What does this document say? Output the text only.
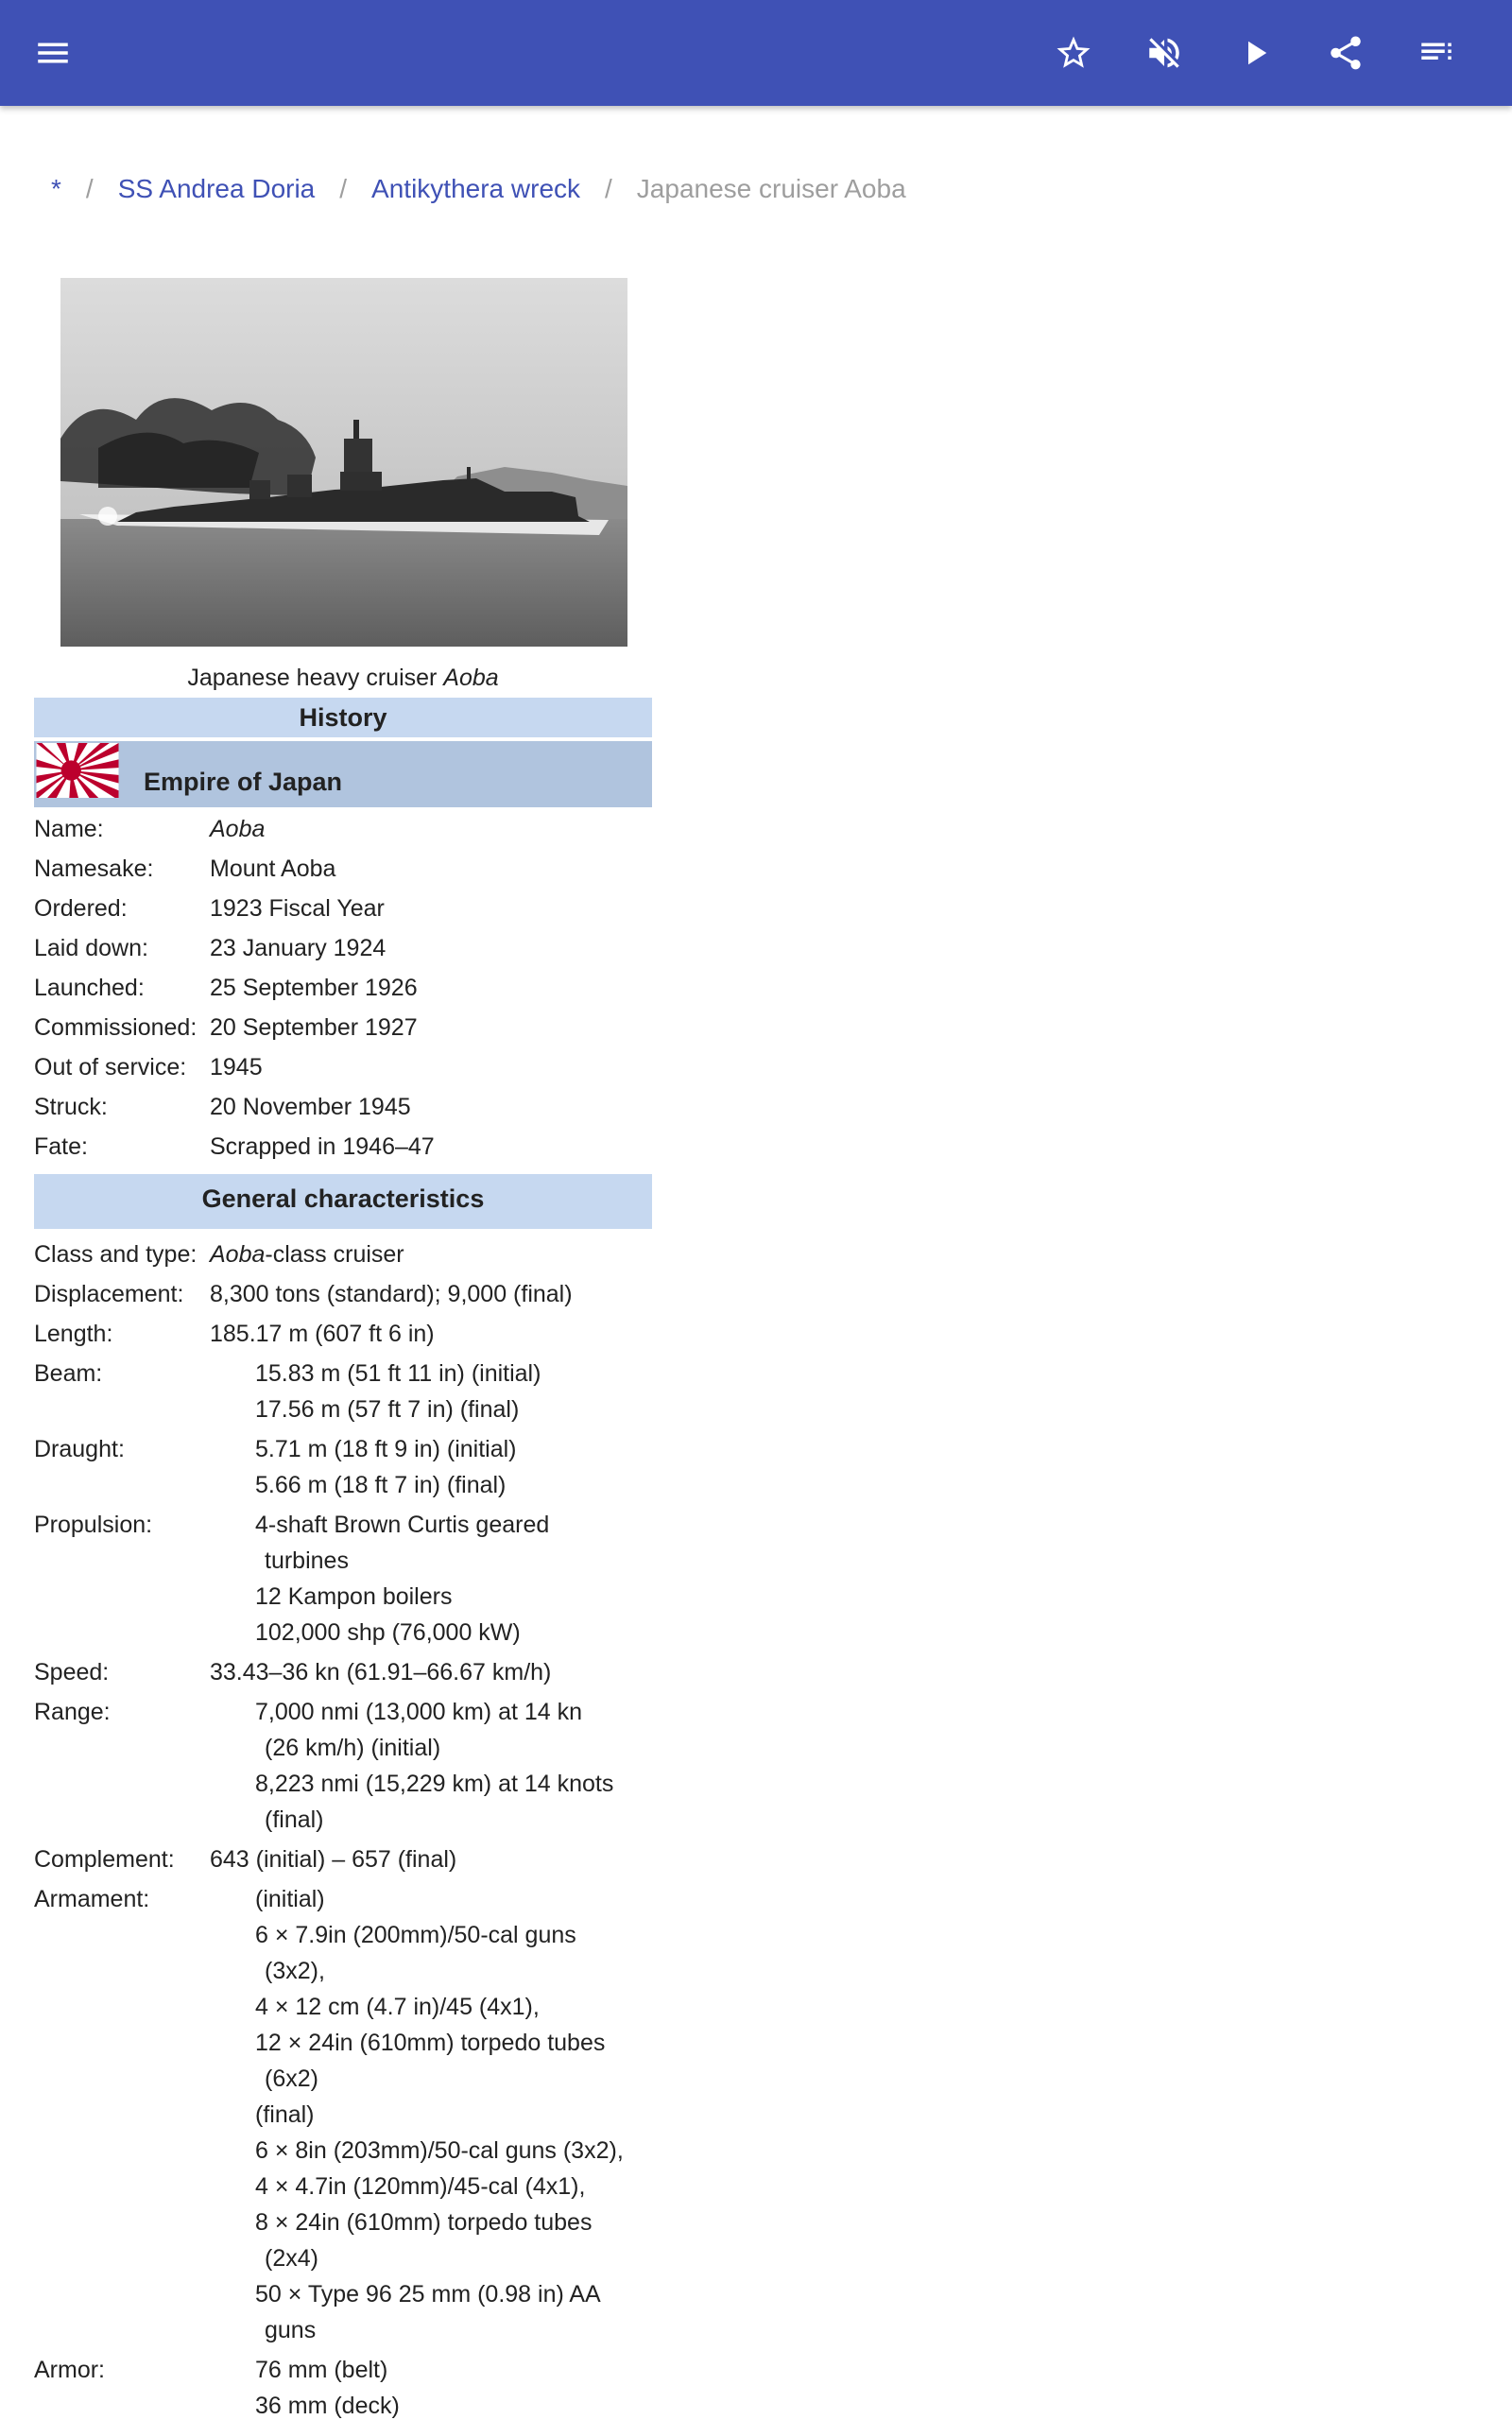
* / SS Andrea Doria / Antikythera wreck / Japanese cruiser Aoba
Japanese heavy cruiser Aoba
History
Empire of Japan
Name:	Aoba
Namesake:	Mount Aoba
Ordered:	1923 Fiscal Year
Laid down:	23 January 1924
Launched:	25 September 1926
Commissioned: 20 September 1927
Out of service: 1945
Struck:	20 November 1945
Fate:	Scrapped in 1946–47
General characteristics
Class and type: Aoba-class cruiser
Displacement:	8,300 tons (standard); 9,000 (final)
Length:	185.17 m (607 ft 6 in)
Beam:	15.83 m (51 ft 11 in) (initial)
17.56 m (57 ft 7 in) (final)
Draught:	5.71 m (18 ft 9 in) (initial)
5.66 m (18 ft 7 in) (final)
Propulsion:	4-shaft Brown Curtis geared
turbines
12 Kampon boilers
102,000 shp (76,000 kW)
Speed:	33.43–36 kn (61.91–66.67 km/h)
Range:	7,000 nmi (13,000 km) at 14 kn
(26 km/h) (initial)
8,223 nmi (15,229 km) at 14 knots
(final)
Complement:	643 (initial) – 657 (final)
Armament:	(initial)
6 × 7.9in (200mm)/50-cal guns
(3x2),
4 × 12 cm (4.7 in)/45 (4x1),
12 × 24in (610mm) torpedo tubes
(6x2)
(final)
6 × 8in (203mm)/50-cal guns (3x2),
4 × 4.7in (120mm)/45-cal (4x1),
8 × 24in (610mm) torpedo tubes
(2x4)
50 × Type 96 25 mm (0.98 in) AA
guns
Armor:	76 mm (belt)
36 mm (deck)
